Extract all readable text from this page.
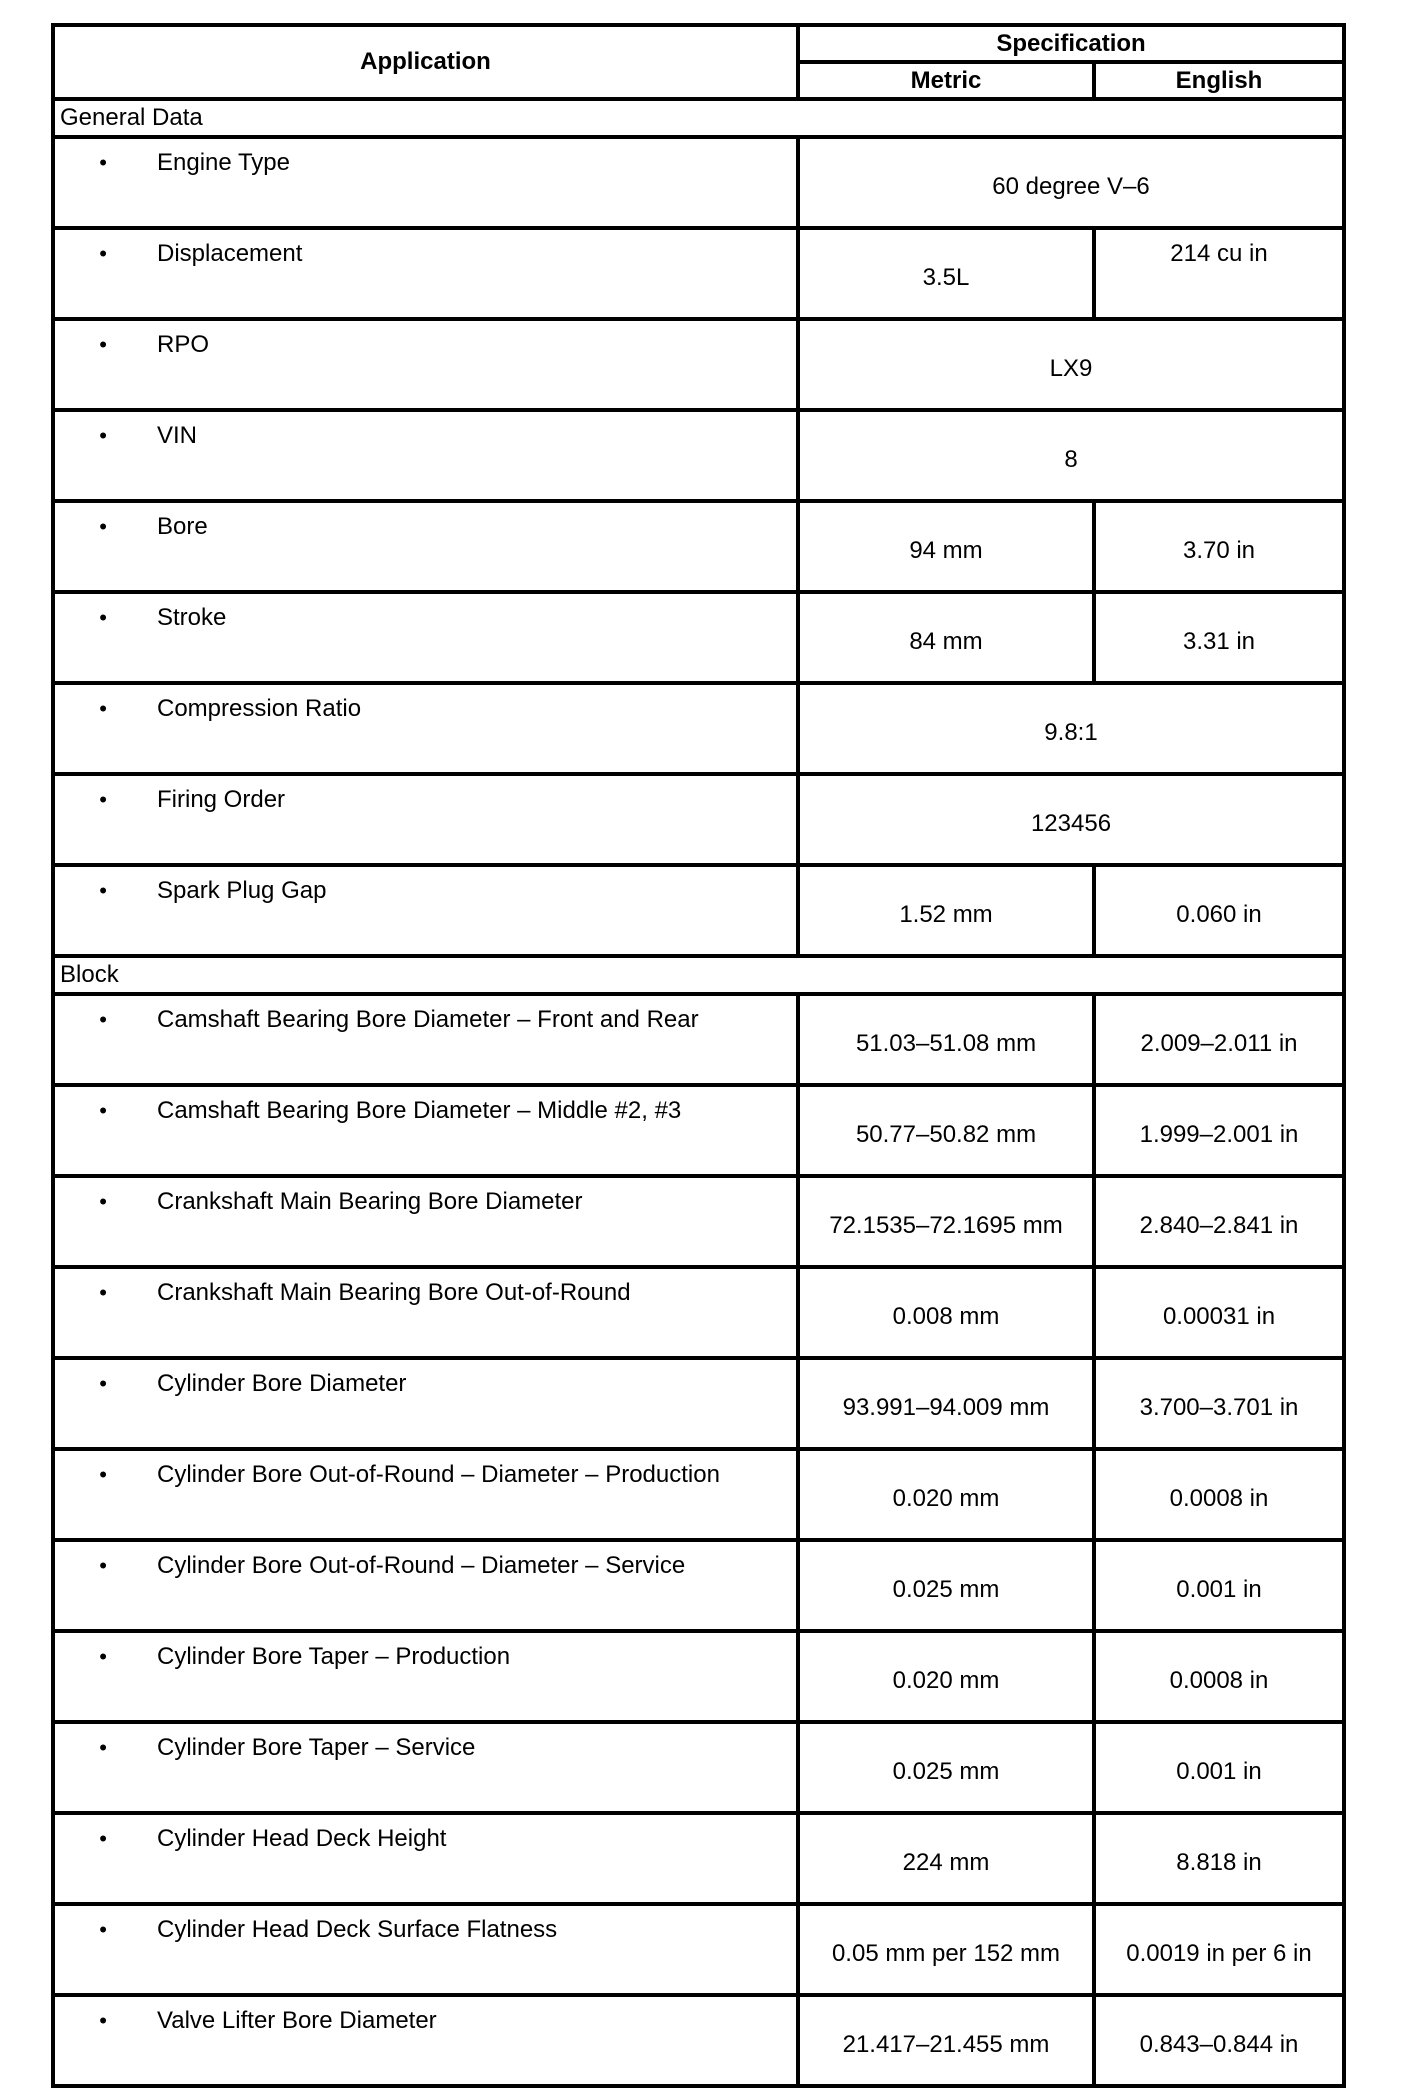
Application	Specification	
	Metric	English
General Data		
• Engine Type	60 degree V–6	
• Displacement	3.5L	214 cu in
• RPO	LX9	
• VIN	8	
• Bore	94 mm	3.70 in
• Stroke	84 mm	3.31 in
• Compression Ratio	9.8:1	
• Firing Order	123456	
• Spark Plug Gap	1.52 mm	0.060 in
Block		
• Camshaft Bearing Bore Diameter – Front and Rear	51.03–51.08 mm	2.009–2.011 in
• Camshaft Bearing Bore Diameter – Middle #2, #3	50.77–50.82 mm	1.999–2.001 in
• Crankshaft Main Bearing Bore Diameter	72.1535–72.1695 mm	2.840–2.841 in
• Crankshaft Main Bearing Bore Out-of-Round	0.008 mm	0.00031 in
• Cylinder Bore Diameter	93.991–94.009 mm	3.700–3.701 in
• Cylinder Bore Out-of-Round – Diameter – Production	0.020 mm	0.0008 in
• Cylinder Bore Out-of-Round – Diameter – Service	0.025 mm	0.001 in
• Cylinder Bore Taper – Production	0.020 mm	0.0008 in
• Cylinder Bore Taper – Service	0.025 mm	0.001 in
• Cylinder Head Deck Height	224 mm	8.818 in
• Cylinder Head Deck Surface Flatness	0.05 mm per 152 mm	0.0019 in per 6 in
• Valve Lifter Bore Diameter	21.417–21.455 mm	0.843–0.844 in
